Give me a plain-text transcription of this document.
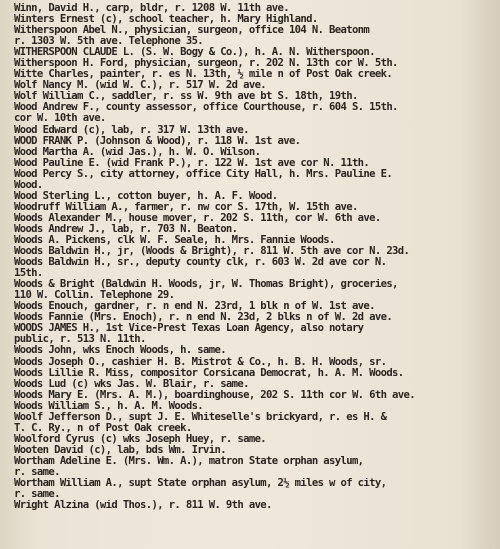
Winn, David H., carp, bldr, r. 1208 W. 11th ave.
Winters Ernest (c), school teacher, h. Mary Highland.
Witherspoon Abel N., physician, surgeon, office 104 N. Beatonm
r. 1303 W. 5th ave. Telephone 35.
WITHERSPOON CLAUDE L. (S. W. Bogy & Co.), h. A. N. Witherspoon.
Witherspoon H. Ford, physician, surgeon, r. 202 N. 13th cor W. 5th.
Witte Charles, painter, r. es N. 13th, ½ mile n of Post Oak creek.
Wolf Nancy M. (wid W. C.), r. 517 W. 2d ave.
Wolf William C., saddler, r. ss W. 9th ave bt S. 18th, 19th.
Wood Andrew F., county assessor, office Courthouse, r. 604 S. 15th.
cor W. 10th ave.
Wood Edward (c), lab, r. 317 W. 13th ave.
WOOD FRANK P. (Johnson & Wood), r. 118 W. 1st ave.
Wood Martha A. (wid Jas.), h. W. O. Wilson.
Wood Pauline E. (wid Frank P.), r. 122 W. 1st ave cor N. 11th.
Wood Percy S., city attorney, office City Hall, h. Mrs. Pauline E.
Wood.
Wood Sterling L., cotton buyer, h. A. F. Wood.
Woodruff William A., farmer, r. nw cor S. 17th, W. 15th ave.
Woods Alexander M., house mover, r. 202 S. 11th, cor W. 6th ave.
Woods Andrew J., lab, r. 703 N. Beaton.
Woods A. Pickens, clk W. F. Seale, h. Mrs. Fannie Woods.
Woods Baldwin H., jr, (Woods & Bright), r. 811 W. 5th ave cor N. 23d.
Woods Baldwin H., sr., deputy county clk, r. 603 W. 2d ave cor N.
15th.
Woods & Bright (Baldwin H. Woods, jr, W. Thomas Bright), groceries,
110 W. Collin. Telephone 29.
Woods Enouch, gardner, r. n end N. 23rd, 1 blk n of W. 1st ave.
Woods Fannie (Mrs. Enoch), r. n end N. 23d, 2 blks n of W. 2d ave.
WOODS JAMES H., 1st Vice-Prest Texas Loan Agency, also notary
public, r. 513 N. 11th.
Woods John, wks Enoch Woods, h. same.
Woods Joseph O., cashier H. B. Mistrot & Co., h. B. H. Woods, sr.
Woods Lillie R. Miss, compositor Corsicana Democrat, h. A. M. Woods.
Woods Lud (c) wks Jas. W. Blair, r. same.
Woods Mary E. (Mrs. A. M.), boardinghouse, 202 S. 11th cor W. 6th ave.
Woods William S., h. A. M. Woods.
Woolf Jefferson D., supt J. E. Whiteselle's brickyard, r. es H. &
T. C. Ry., n of Post Oak creek.
Woolford Cyrus (c) wks Joseph Huey, r. same.
Wooten David (c), lab, bds Wm. Irvin.
Wortham Adeline E. (Mrs. Wm. A.), matron State orphan asylum,
r. same.
Wortham William A., supt State orphan asylum, 2½ miles w of city,
r. same.
Wright Alzina (wid Thos.), r. 811 W. 9th ave.
